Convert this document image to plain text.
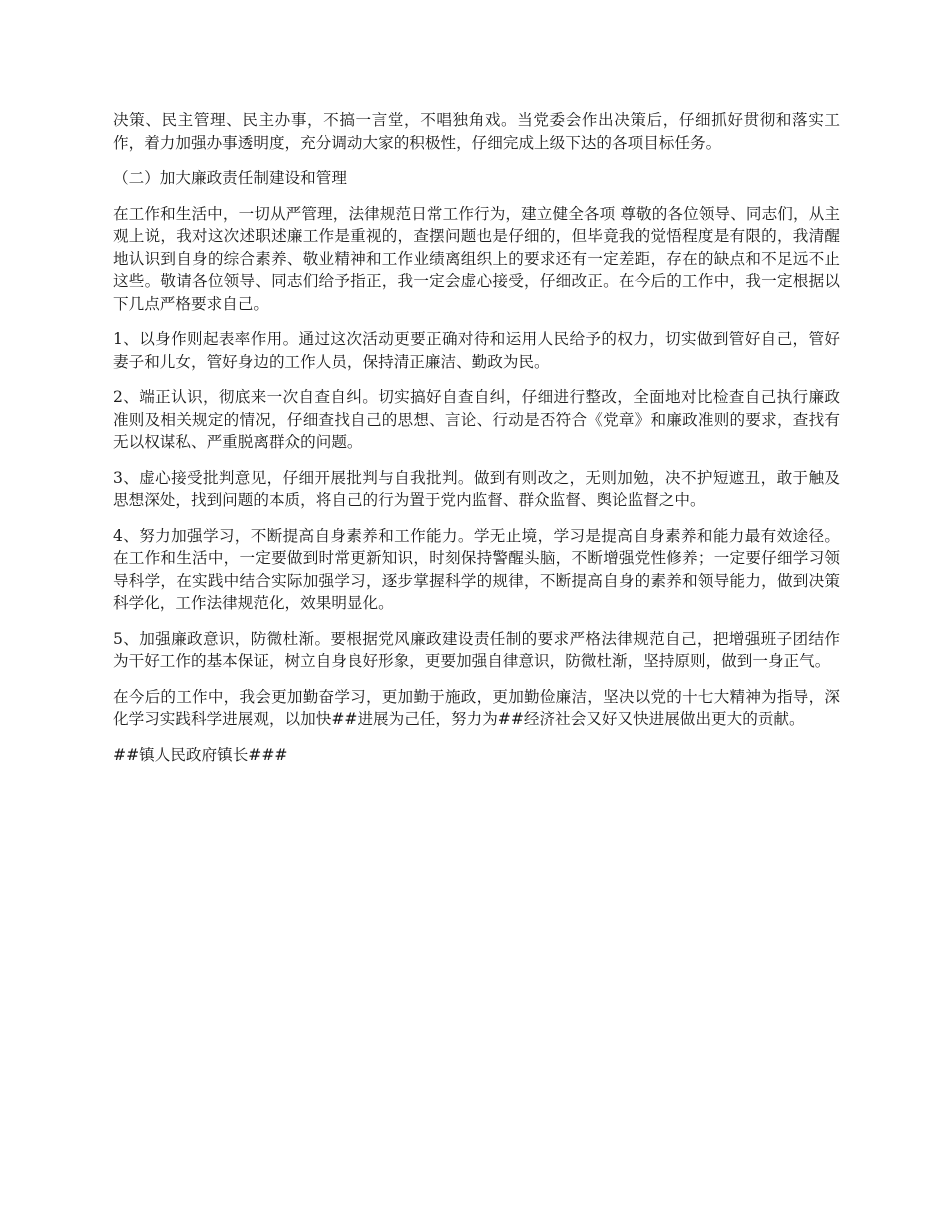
决策、民主管理、民主办事，不搞一言堂，不唱独角戏。当党委会作出决策后，仔细抓好贯彻和落实工作，着力加强办事透明度，充分调动大家的积极性，仔细完成上级下达的各项目标任务。

（二）加大廉政责任制建设和管理

在工作和生活中，一切从严管理，法律规范日常工作行为，建立健全各项 尊敬的各位领导、同志们，从主观上说，我对这次述职述廉工作是重视的，查摆问题也是仔细的，但毕竟我的觉悟程度是有限的，我清醒地认识到自身的综合素养、敬业精神和工作业绩离组织上的要求还有一定差距，存在的缺点和不足远不止这些。敬请各位领导、同志们给予指正，我一定会虚心接受，仔细改正。在今后的工作中，我一定根据以下几点严格要求自己。

1、以身作则起表率作用。通过这次活动更要正确对待和运用人民给予的权力，切实做到管好自己，管好妻子和儿女，管好身边的工作人员，保持清正廉洁、勤政为民。

2、端正认识，彻底来一次自查自纠。切实搞好自查自纠，仔细进行整改，全面地对比检查自己执行廉政准则及相关规定的情况，仔细查找自己的思想、言论、行动是否符合《党章》和廉政准则的要求，查找有无以权谋私、严重脱离群众的问题。

3、虚心接受批判意见，仔细开展批判与自我批判。做到有则改之，无则加勉，决不护短遮丑，敢于触及思想深处，找到问题的本质，将自己的行为置于党内监督、群众监督、舆论监督之中。

4、努力加强学习，不断提高自身素养和工作能力。学无止境，学习是提高自身素养和能力最有效途径。在工作和生活中，一定要做到时常更新知识，时刻保持警醒头脑，不断增强党性修养；一定要仔细学习领导科学，在实践中结合实际加强学习，逐步掌握科学的规律，不断提高自身的素养和领导能力，做到决策科学化，工作法律规范化，效果明显化。

5、加强廉政意识，防微杜渐。要根据党风廉政建设责任制的要求严格法律规范自己，把增强班子团结作为干好工作的基本保证，树立自身良好形象，更要加强自律意识，防微杜渐，坚持原则，做到一身正气。

在今后的工作中，我会更加勤奋学习，更加勤于施政，更加勤俭廉洁，坚决以党的十七大精神为指导，深化学习实践科学进展观，以加快##进展为己任，努力为##经济社会又好又快进展做出更大的贡献。

##镇人民政府镇长###
